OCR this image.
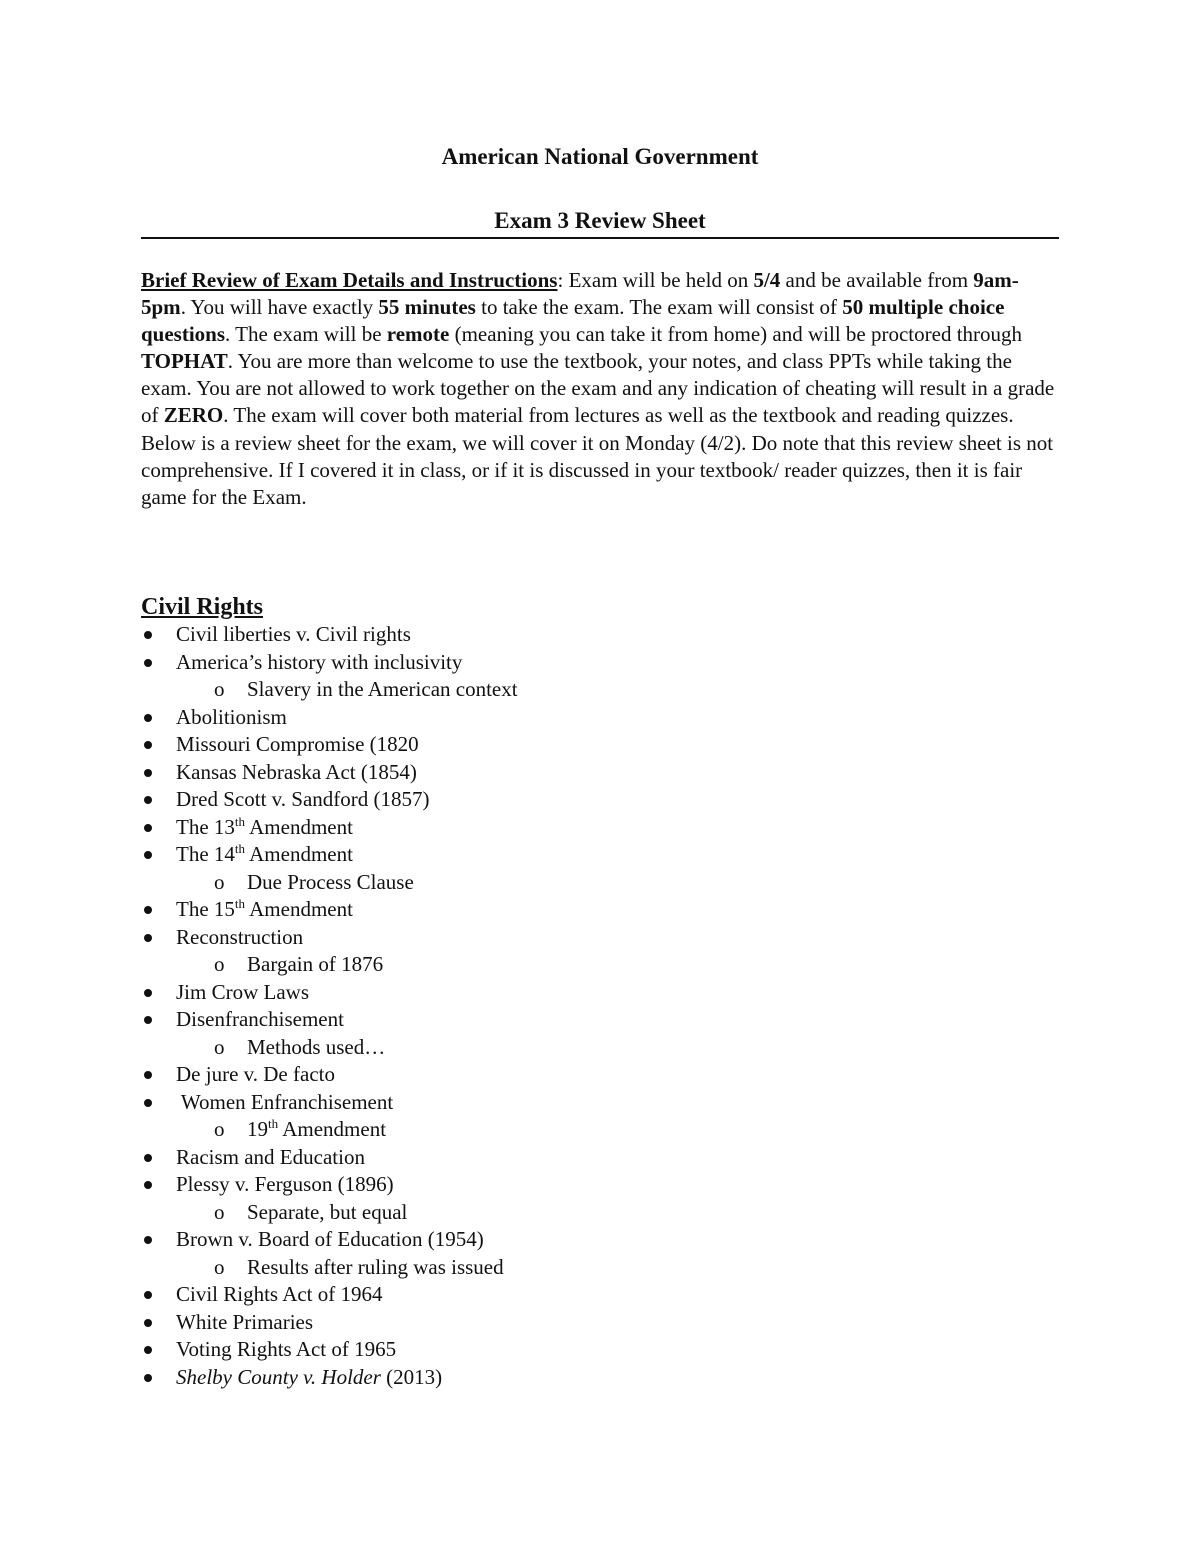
American National Government
Exam 3 Review Sheet
Brief Review of Exam Details and Instructions: Exam will be held on 5/4 and be available from 9am- 5pm. You will have exactly 55 minutes to take the exam. The exam will consist of 50 multiple choice questions. The exam will be remote (meaning you can take it from home) and will be proctored through TOPHAT. You are more than welcome to use the textbook, your notes, and class PPTs while taking the exam. You are not allowed to work together on the exam and any indication of cheating will result in a grade of ZERO. The exam will cover both material from lectures as well as the textbook and reading quizzes. Below is a review sheet for the exam, we will cover it on Monday (4/2). Do note that this review sheet is not comprehensive. If I covered it in class, or if it is discussed in your textbook/ reader quizzes, then it is fair game for the Exam.
Civil Rights
Civil liberties v. Civil rights
America’s history with inclusivity
o Slavery in the American context
Abolitionism
Missouri Compromise (1820
Kansas Nebraska Act (1854)
Dred Scott v. Sandford (1857)
The 13th Amendment
The 14th Amendment
o Due Process Clause
The 15th Amendment
Reconstruction
o Bargain of 1876
Jim Crow Laws
Disenfranchisement
o Methods used…
De jure v. De facto
Women Enfranchisement
o 19th Amendment
Racism and Education
Plessy v. Ferguson (1896)
o Separate, but equal
Brown v. Board of Education (1954)
o Results after ruling was issued
Civil Rights Act of 1964
White Primaries
Voting Rights Act of 1965
Shelby County v. Holder (2013)
